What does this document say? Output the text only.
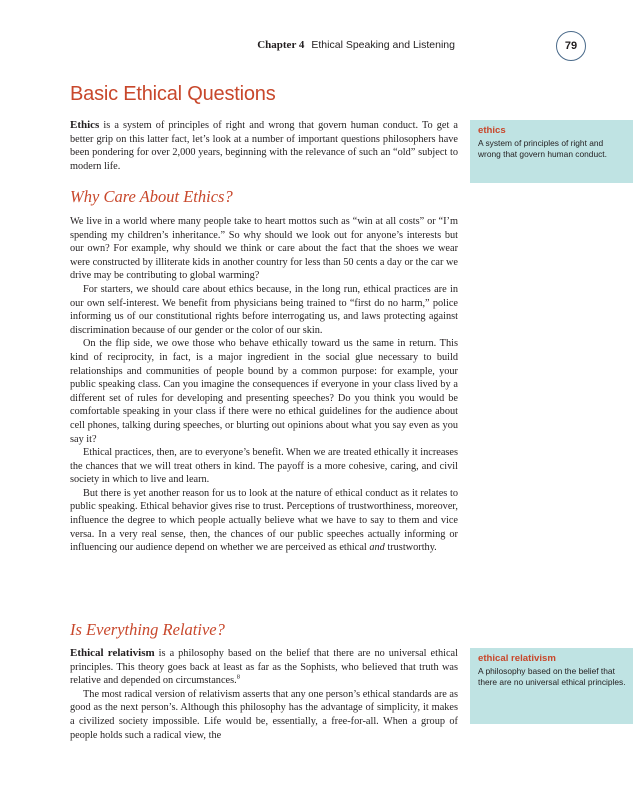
Chapter 4 Ethical Speaking and Listening	79
Basic Ethical Questions

Ethics is a system of principles of right and wrong that govern human conduct. To get a better grip on this latter fact, let’s look at a number of important questions philosophers have been pondering for over 2,000 years, beginning with the relevance of such an “old” subject to modern life.

ethics
A system of principles of right and wrong that govern human conduct.
Why Care About Ethics?

We live in a world where many people take to heart mottos such as “win at all costs” or “I’m spending my children’s inheritance.” So why should we look out for anyone’s interests but our own? For example, why should we think or care about the fact that the shoes we wear were constructed by illiterate kids in another country for less than 50 cents a day or the car we drive may be contributing to global warming?

For starters, we should care about ethics because, in the long run, ethical practices are in our own self-interest. We benefit from physicians being trained to “first do no harm,” police informing us of our constitutional rights before interrogating us, and laws protecting against discrimination because of our gender or the color of our skin.

On the flip side, we owe those who behave ethically toward us the same in return. This kind of reciprocity, in fact, is a major ingredient in the social glue necessary to build relationships and communities of people bound by a common purpose: for example, your public speaking class. Can you imagine the consequences if everyone in your class lived by a different set of rules for developing and presenting speeches? Do you think you would be comfortable speaking in your class if there were no ethical guidelines for the audience about cell phones, talking during speeches, or blurting out opinions about what you say even as you say it?

Ethical practices, then, are to everyone’s benefit. When we are treated ethically it increases the chances that we will treat others in kind. The payoff is a more cohesive, caring, and civil society in which to live and learn.

But there is yet another reason for us to look at the nature of ethical conduct as it relates to public speaking. Ethical behavior gives rise to trust. Perceptions of trustworthiness, moreover, influence the degree to which people actually believe what we have to say to them and vice versa. In a very real sense, then, the chances of our public speeches actually informing or influencing our audience depend on whether we are perceived as ethical and trustworthy.

Is Everything Relative?

Ethical relativism is a philosophy based on the belief that there are no universal ethical principles. This theory goes back at least as far as the Sophists, who believed that truth was relative and depended on circumstances.$^8$

The most radical version of relativism asserts that any one person’s ethical standards are as good as the next person’s. Although this philosophy has the advantage of simplicity, it makes a civilized society impossible. Life would be, essentially, a free-for-all. When a group of people holds such a radical view, the

ethical relativism
A philosophy based on the belief that there are no universal ethical principles.
